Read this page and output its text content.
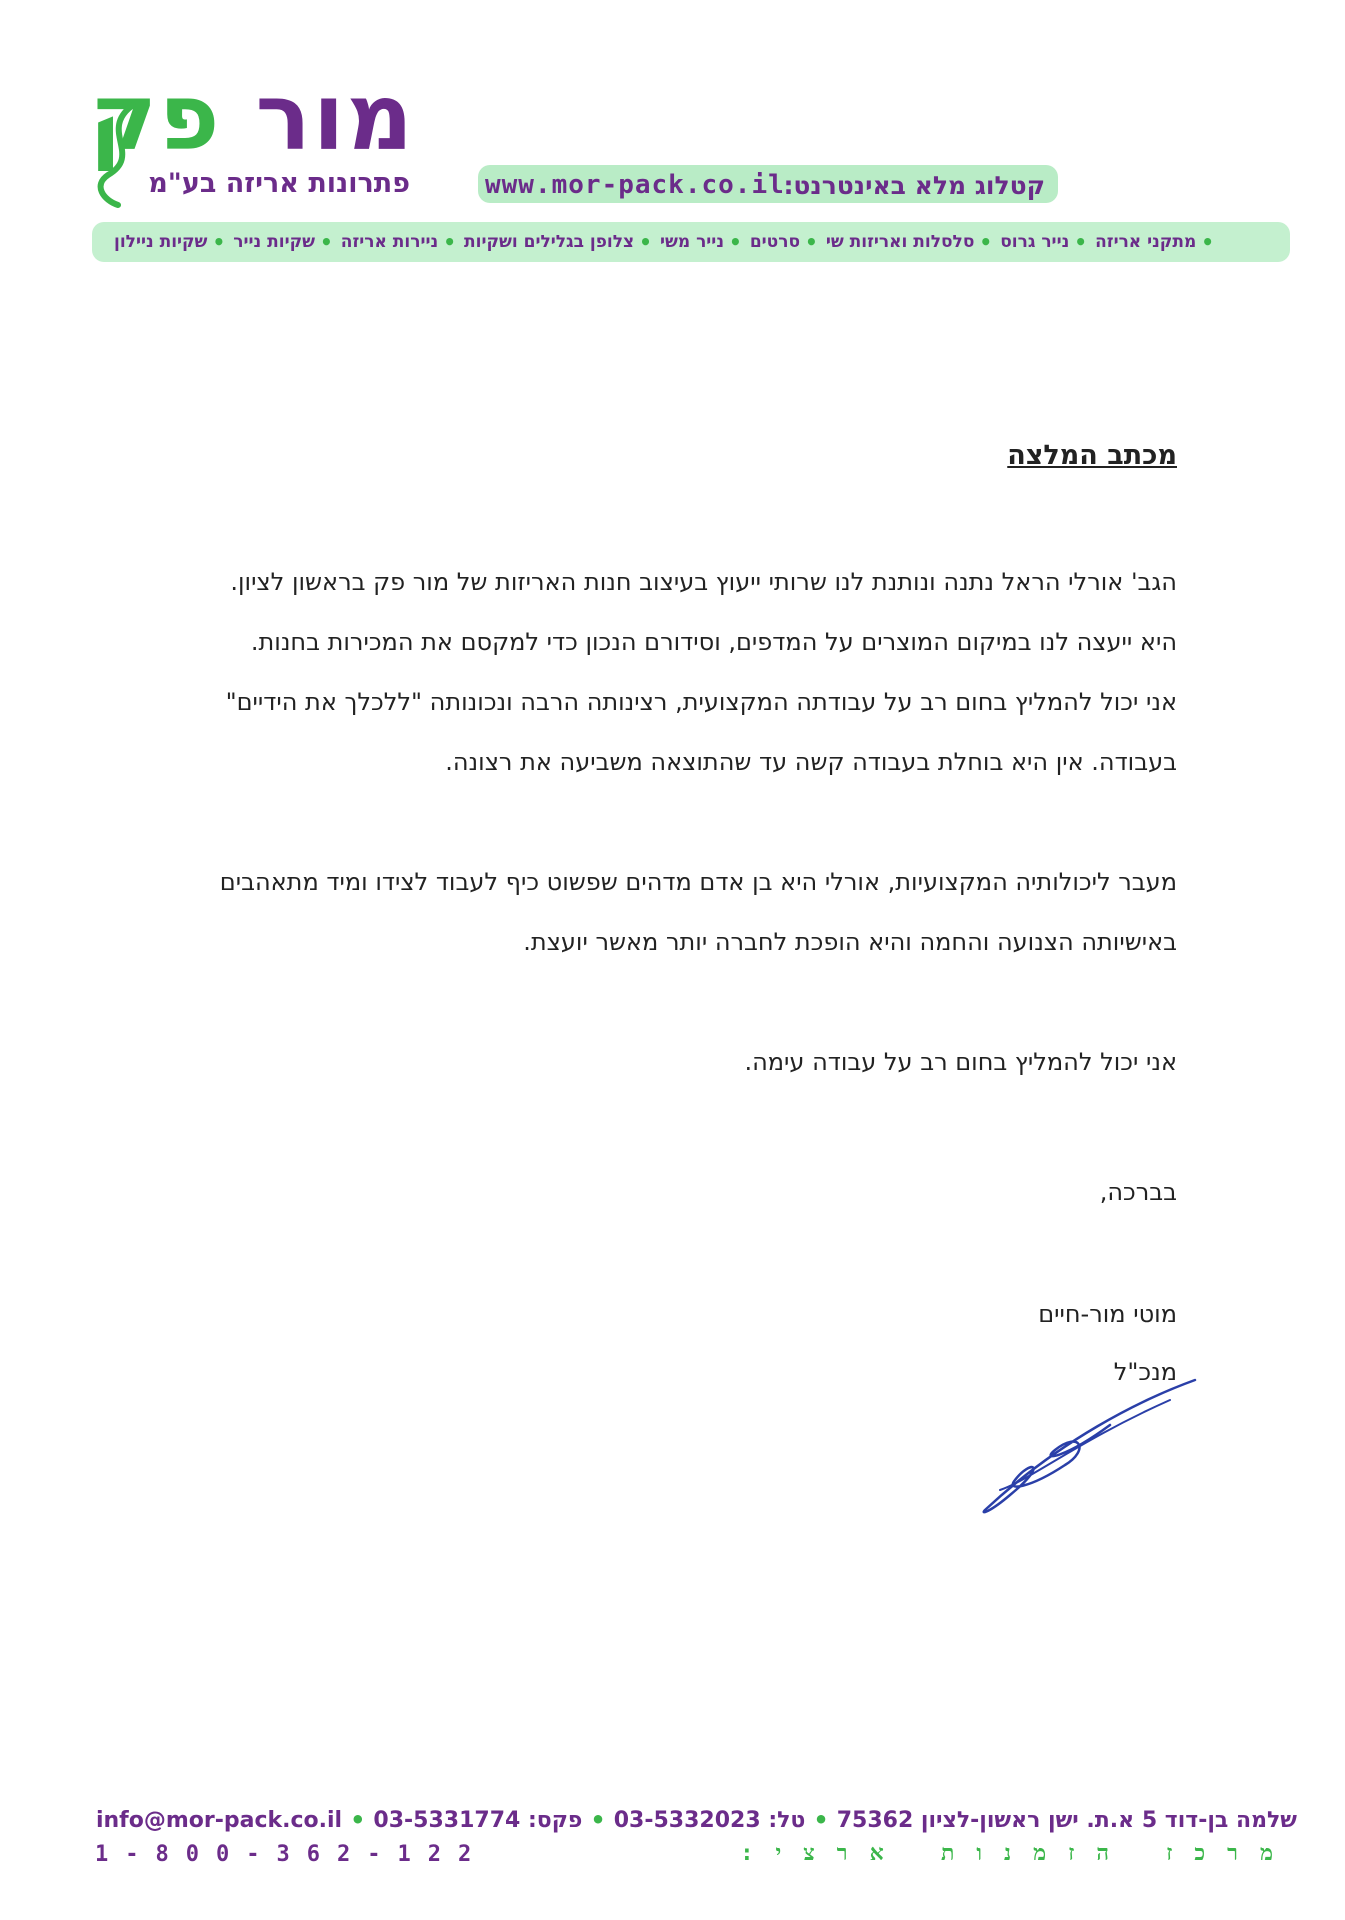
מור פק
פתרונות אריזה בע"מ	www.mor-pack.co.il
קטלוג מלא באינטרנט:
• שקיות ניילון	• שקיות נייר	• ניירות אריזה	• צלופן בגלילים ושקיות	• נייר משי	• סרטים	• סלסלות ואריזות שי	• נייר גרוס	• מתקני אריזה
מכתב המלצה
הגב' אורלי הראל נתנה ונותנת לנו שרותי ייעוץ בעיצוב חנות האריזות של מור פק בראשון לציון.
היא ייעצה לנו במיקום המוצרים על המדפים, וסידורם הנכון כדי למקסם את המכירות בחנות.
אני יכול להמליץ בחום רב על עבודתה המקצועית, רצינותה הרבה ונכונותה "ללכלך את הידיים"
בעבודה. אין היא בוחלת בעבודה קשה עד שהתוצאה משביעה את רצונה.
מעבר ליכולותיה המקצועיות, אורלי היא בן אדם מדהים שפשוט כיף לעבוד לצידו ומיד מתאהבים
באישיותה הצנועה והחמה והיא הופכת לחברה יותר מאשר יועצת.
אני יכול להמליץ בחום רב על עבודה עימה.
בברכה,
מוטי מור-חיים
מנכ"ל
שלמה בן-דוד 5 א.ת. ישן ראשון-לציון 75362 •
טל: 03-5332023 •
פקס: 03-5331774 •
info@mor-pack.co.il
מרכז הזמנות ארצי:
1-800-362-122
